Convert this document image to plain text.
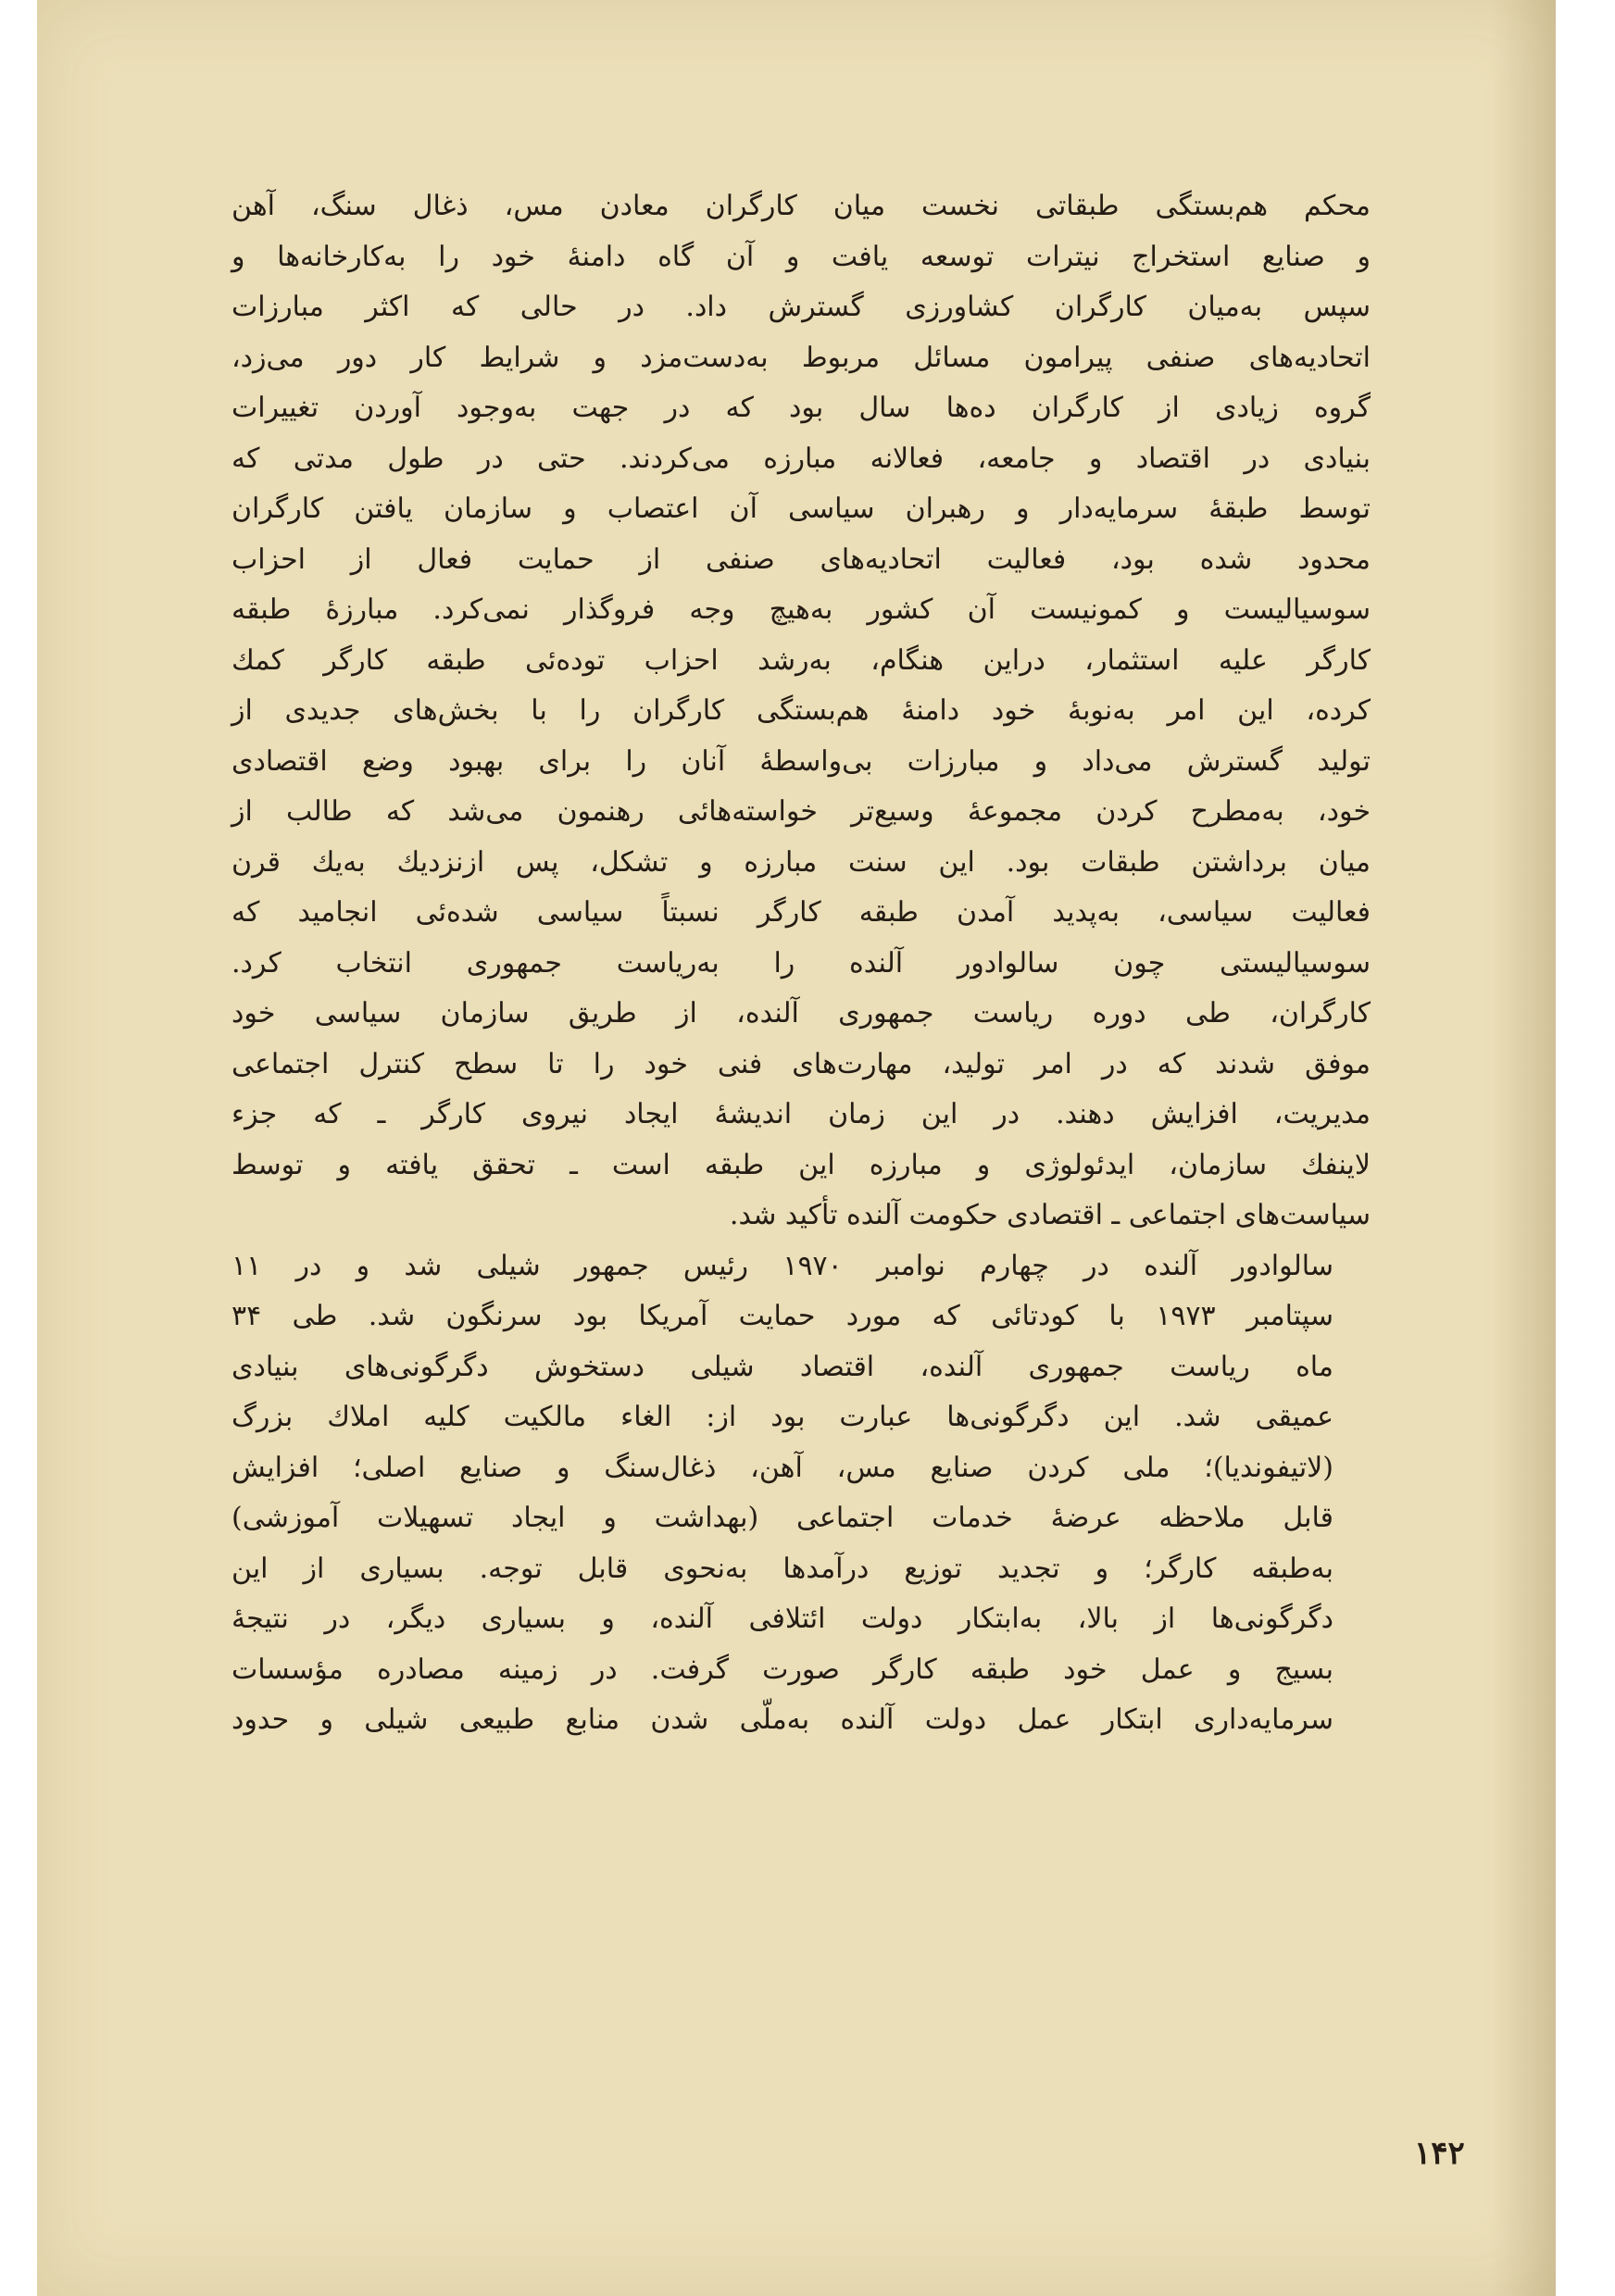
محکم هم‌بستگی طبقاتی نخست میان کارگران معادن مس، ذغال سنگ، آهن
و صنایع استخراج نیترات توسعه یافت و آن گاه دامنهٔ خود را به‌کارخانه‌ها و
سپس به‌میان کارگران کشاورزی گسترش داد. در حالی که اکثر مبارزات
اتحادیه‌های صنفی پیرامون مسائل مربوط به‌دست‌مزد و شرایط کار دور می‌زد،
گروه زیادی از کارگران ده‌ها سال بود که در جهت به‌وجود آوردن تغییرات
بنیادی در اقتصاد و جامعه، فعالانه مبارزه می‌کردند. حتی در طول مدتی که
توسط طبقهٔ سرمایه‌دار و رهبران سیاسی آن اعتصاب و سازمان یافتن کارگران
محدود شده بود، فعالیت اتحادیه‌های صنفی از حمایت فعال از احزاب
سوسیالیست و کمونیست آن کشور به‌هیچ وجه فروگذار نمی‌کرد. مبارزهٔ طبقه
کارگر علیه استثمار، دراین هنگام، به‌رشد احزاب توده‌ئی طبقه کارگر کمك
کرده، این امر به‌نوبهٔ خود دامنهٔ هم‌بستگی کارگران را با بخش‌های جدیدی از
تولید گسترش می‌داد و مبارزات بی‌واسطهٔ آنان را برای بهبود وضع اقتصادی
خود، به‌مطرح کردن مجموعهٔ وسیع‌تر خواسته‌هائی رهنمون می‌شد که طالب از
میان برداشتن طبقات بود. این سنت مبارزه و تشکل، پس ازنزدیك به‌یك قرن
فعالیت سیاسی، به‌پدید آمدن طبقه کارگر نسبتاً سیاسی شده‌ئی انجامید که
سوسیالیستی چون سالوادور آلنده را به‌ریاست جمهوری انتخاب کرد.
کارگران، طی دوره ریاست جمهوری آلنده، از طریق سازمان سیاسی خود
موفق شدند که در امر تولید، مهارت‌های فنی خود را تا سطح کنترل اجتماعی
مدیریت، افزایش دهند. در این زمان اندیشهٔ ایجاد نیروی کارگر ـ که جزء
لاینفك سازمان، ایدئولوژی و مبارزه این طبقه است ـ تحقق یافته و توسط
سیاست‌های اجتماعی ـ اقتصادی حکومت آلنده تأکید شد.
سالوادور آلنده در چهارم نوامبر ۱۹۷۰ رئیس جمهور شیلی شد و در ۱۱
سپتامبر ۱۹۷۳ با کودتائی که مورد حمایت آمریکا بود سرنگون شد. طی ۳۴
ماه ریاست جمهوری آلنده، اقتصاد شیلی دستخوش دگرگونی‌های بنیادی
عمیقی شد. این دگرگونی‌ها عبارت بود از: الغاء مالکیت کلیه املاك بزرگ
(لاتیفوندیا)؛ ملی کردن صنایع مس، آهن، ذغال‌سنگ و صنایع اصلی؛ افزایش
قابل ملاحظه عرضهٔ خدمات اجتماعی (بهداشت و ایجاد تسهیلات آموزشی)
به‌طبقه کارگر؛ و تجدید توزیع درآمدها به‌نحوی قابل توجه. بسیاری از این
دگرگونی‌ها از بالا، به‌ابتکار دولت ائتلافی آلنده، و بسیاری دیگر، در نتیجهٔ
بسیج و عمل خود طبقه کارگر صورت گرفت. در زمینه مصادره مؤسسات
سرمایه‌داری ابتکار عمل دولت آلنده به‌ملّی شدن منابع طبیعی شیلی و حدود
۱۴۲
